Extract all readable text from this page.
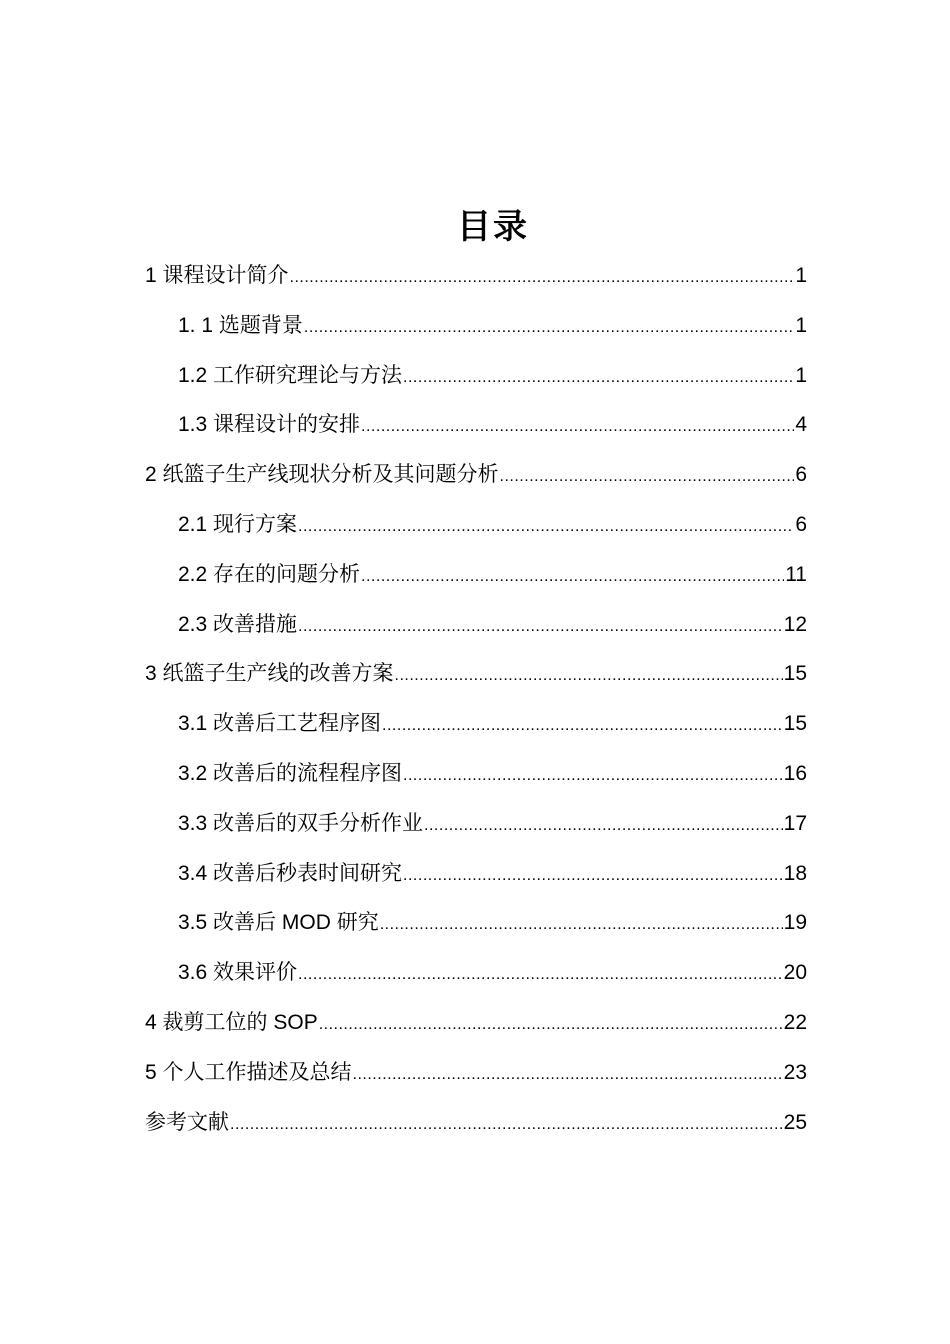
目录
1 课程设计简介 .....	1
1. 1 选题背景 .....	1
1.2 工作研究理论与方法 .....	1
1.3 课程设计的安排 .....	4
2 纸篮子生产线现状分析及其问题分析 .....	6
2.1 现行方案 .....	6
2.2 存在的问题分析 .....	11
2.3 改善措施 .....	12
3 纸篮子生产线的改善方案 .....	15
3.1 改善后工艺程序图 .....	15
3.2 改善后的流程程序图 .....	16
3.3 改善后的双手分析作业 .....	17
3.4 改善后秒表时间研究 .....	18
3.5 改善后 MOD 研究 .....	19
3.6 效果评价 .....	20
4 裁剪工位的 SOP .....	22
5 个人工作描述及总结 .....	23
参考文献 .....	25
